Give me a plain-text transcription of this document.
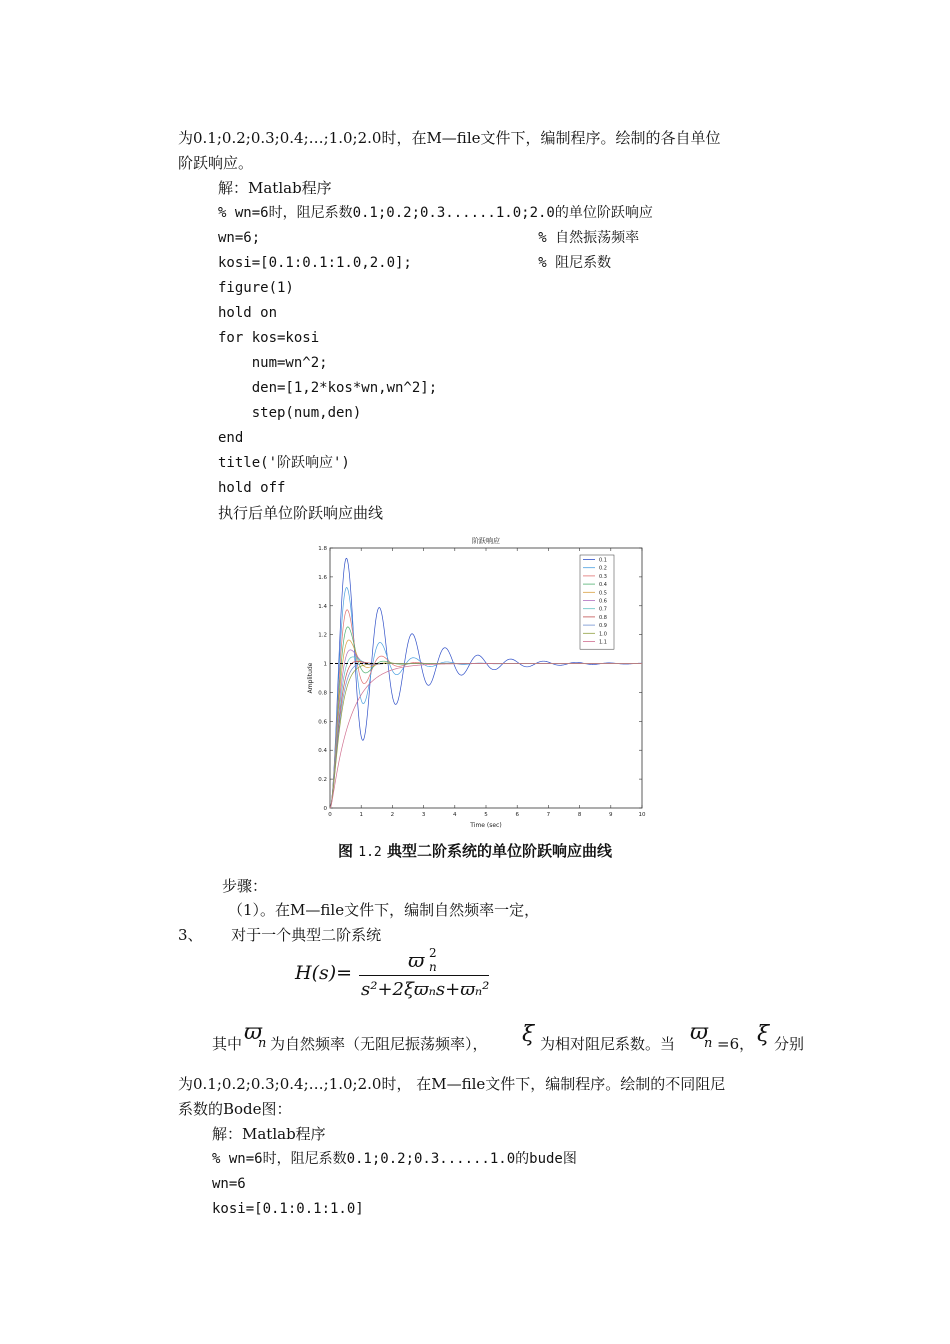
为0.1;0.2;0.3;0.4;…;1.0;2.0时，在M—file文件下，编制程序。绘制的各自单位
阶跃响应。
解：Matlab程序
% wn=6时，阻尼系数0.1;0.2;0.3......1.0;2.0的单位阶跃响应
wn=6;                                 % 自然振荡频率
kosi=[0.1:0.1:1.0,2.0];               % 阻尼系数
figure(1)
hold on
for kos=kosi
num=wn^2;
den=[1,2*kos*wn,wn^2];
step(num,den)
end
title('阶跃响应')
hold off
执行后单位阶跃响应曲线
阶跃响应
Time (sec)
Amplitude
0	1	2	3	4	5	6	7	8	9	10
0
0.2
0.4
0.6
0.8
1
1.2
1.4
1.6
1.8
0.1
0.2
0.3
0.4
0.5
0.6
0.7
0.8
0.9
1.0
1.1
图 1.2 典型二阶系统的单位阶跃响应曲线
步骤：
（1）。在M—file文件下，编制自然频率一定，
3、      对于一个典型二阶系统
H(s)=
ϖ 2
n
s²+2ξϖₙs+ϖₙ²
其中 ϖ
n 为自然频率（无阻尼振荡频率）， ξ 为相对阻尼系数。当 ϖ
n =6， ξ 分别
为0.1;0.2;0.3;0.4;…;1.0;2.0时， 在M—file文件下，编制程序。绘制的不同阻尼
系数的Bode图：
解：Matlab程序
% wn=6时，阻尼系数0.1;0.2;0.3......1.0的bude图
wn=6
kosi=[0.1:0.1:1.0]
